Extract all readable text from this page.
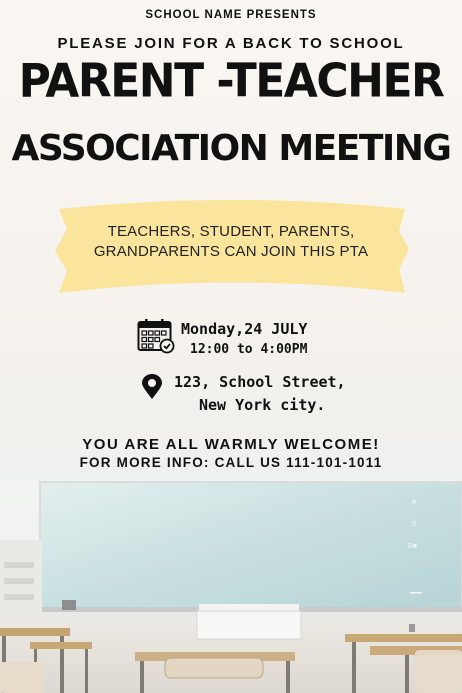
A
B
B■
SCHOOL NAME PRESENTS
PLEASE JOIN FOR A BACK TO SCHOOL
PARENT -TEACHER
ASSOCIATION MEETING
TEACHERS, STUDENT, PARENTS,
GRANDPARENTS CAN JOIN THIS PTA
Monday,24 JULY
12:00 to 4:00PM
123, School Street,
New York city.
YOU ARE ALL WARMLY WELCOME!
FOR MORE INFO: CALL US 111-101-1011
